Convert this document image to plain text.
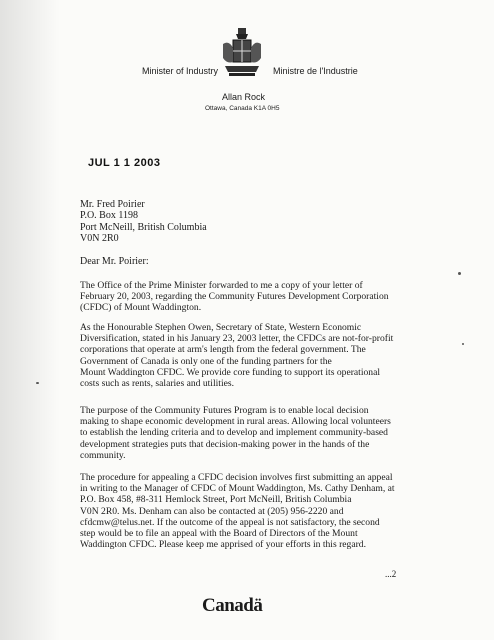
Minister of Industry	Ministre de l'Industrie
Allan Rock
Ottawa, Canada K1A 0H5
JUL 1 1 2003
Mr. Fred Poirier
P.O. Box 1198
Port McNeill, British Columbia
V0N 2R0
Dear Mr. Poirier:
The Office of the Prime Minister forwarded to me a copy of your letter of
February 20, 2003, regarding the Community Futures Development Corporation
(CFDC) of Mount Waddington.
As the Honourable Stephen Owen, Secretary of State, Western Economic
Diversification, stated in his January 23, 2003 letter, the CFDCs are not-for-profit
corporations that operate at arm's length from the federal government. The
Government of Canada is only one of the funding partners for the
Mount Waddington CFDC. We provide core funding to support its operational
costs such as rents, salaries and utilities.
The purpose of the Community Futures Program is to enable local decision
making to shape economic development in rural areas. Allowing local volunteers
to establish the lending criteria and to develop and implement community-based
development strategies puts that decision-making power in the hands of the
community.
The procedure for appealing a CFDC decision involves first submitting an appeal
in writing to the Manager of CFDC of Mount Waddington, Ms. Cathy Denham, at
P.O. Box 458, #8-311 Hemlock Street, Port McNeill, British Columbia
V0N 2R0. Ms. Denham can also be contacted at (205) 956-2220 and
cfdcmw@telus.net. If the outcome of the appeal is not satisfactory, the second
step would be to file an appeal with the Board of Directors of the Mount
Waddington CFDC. Please keep me apprised of your efforts in this regard.
...2
Canadä
